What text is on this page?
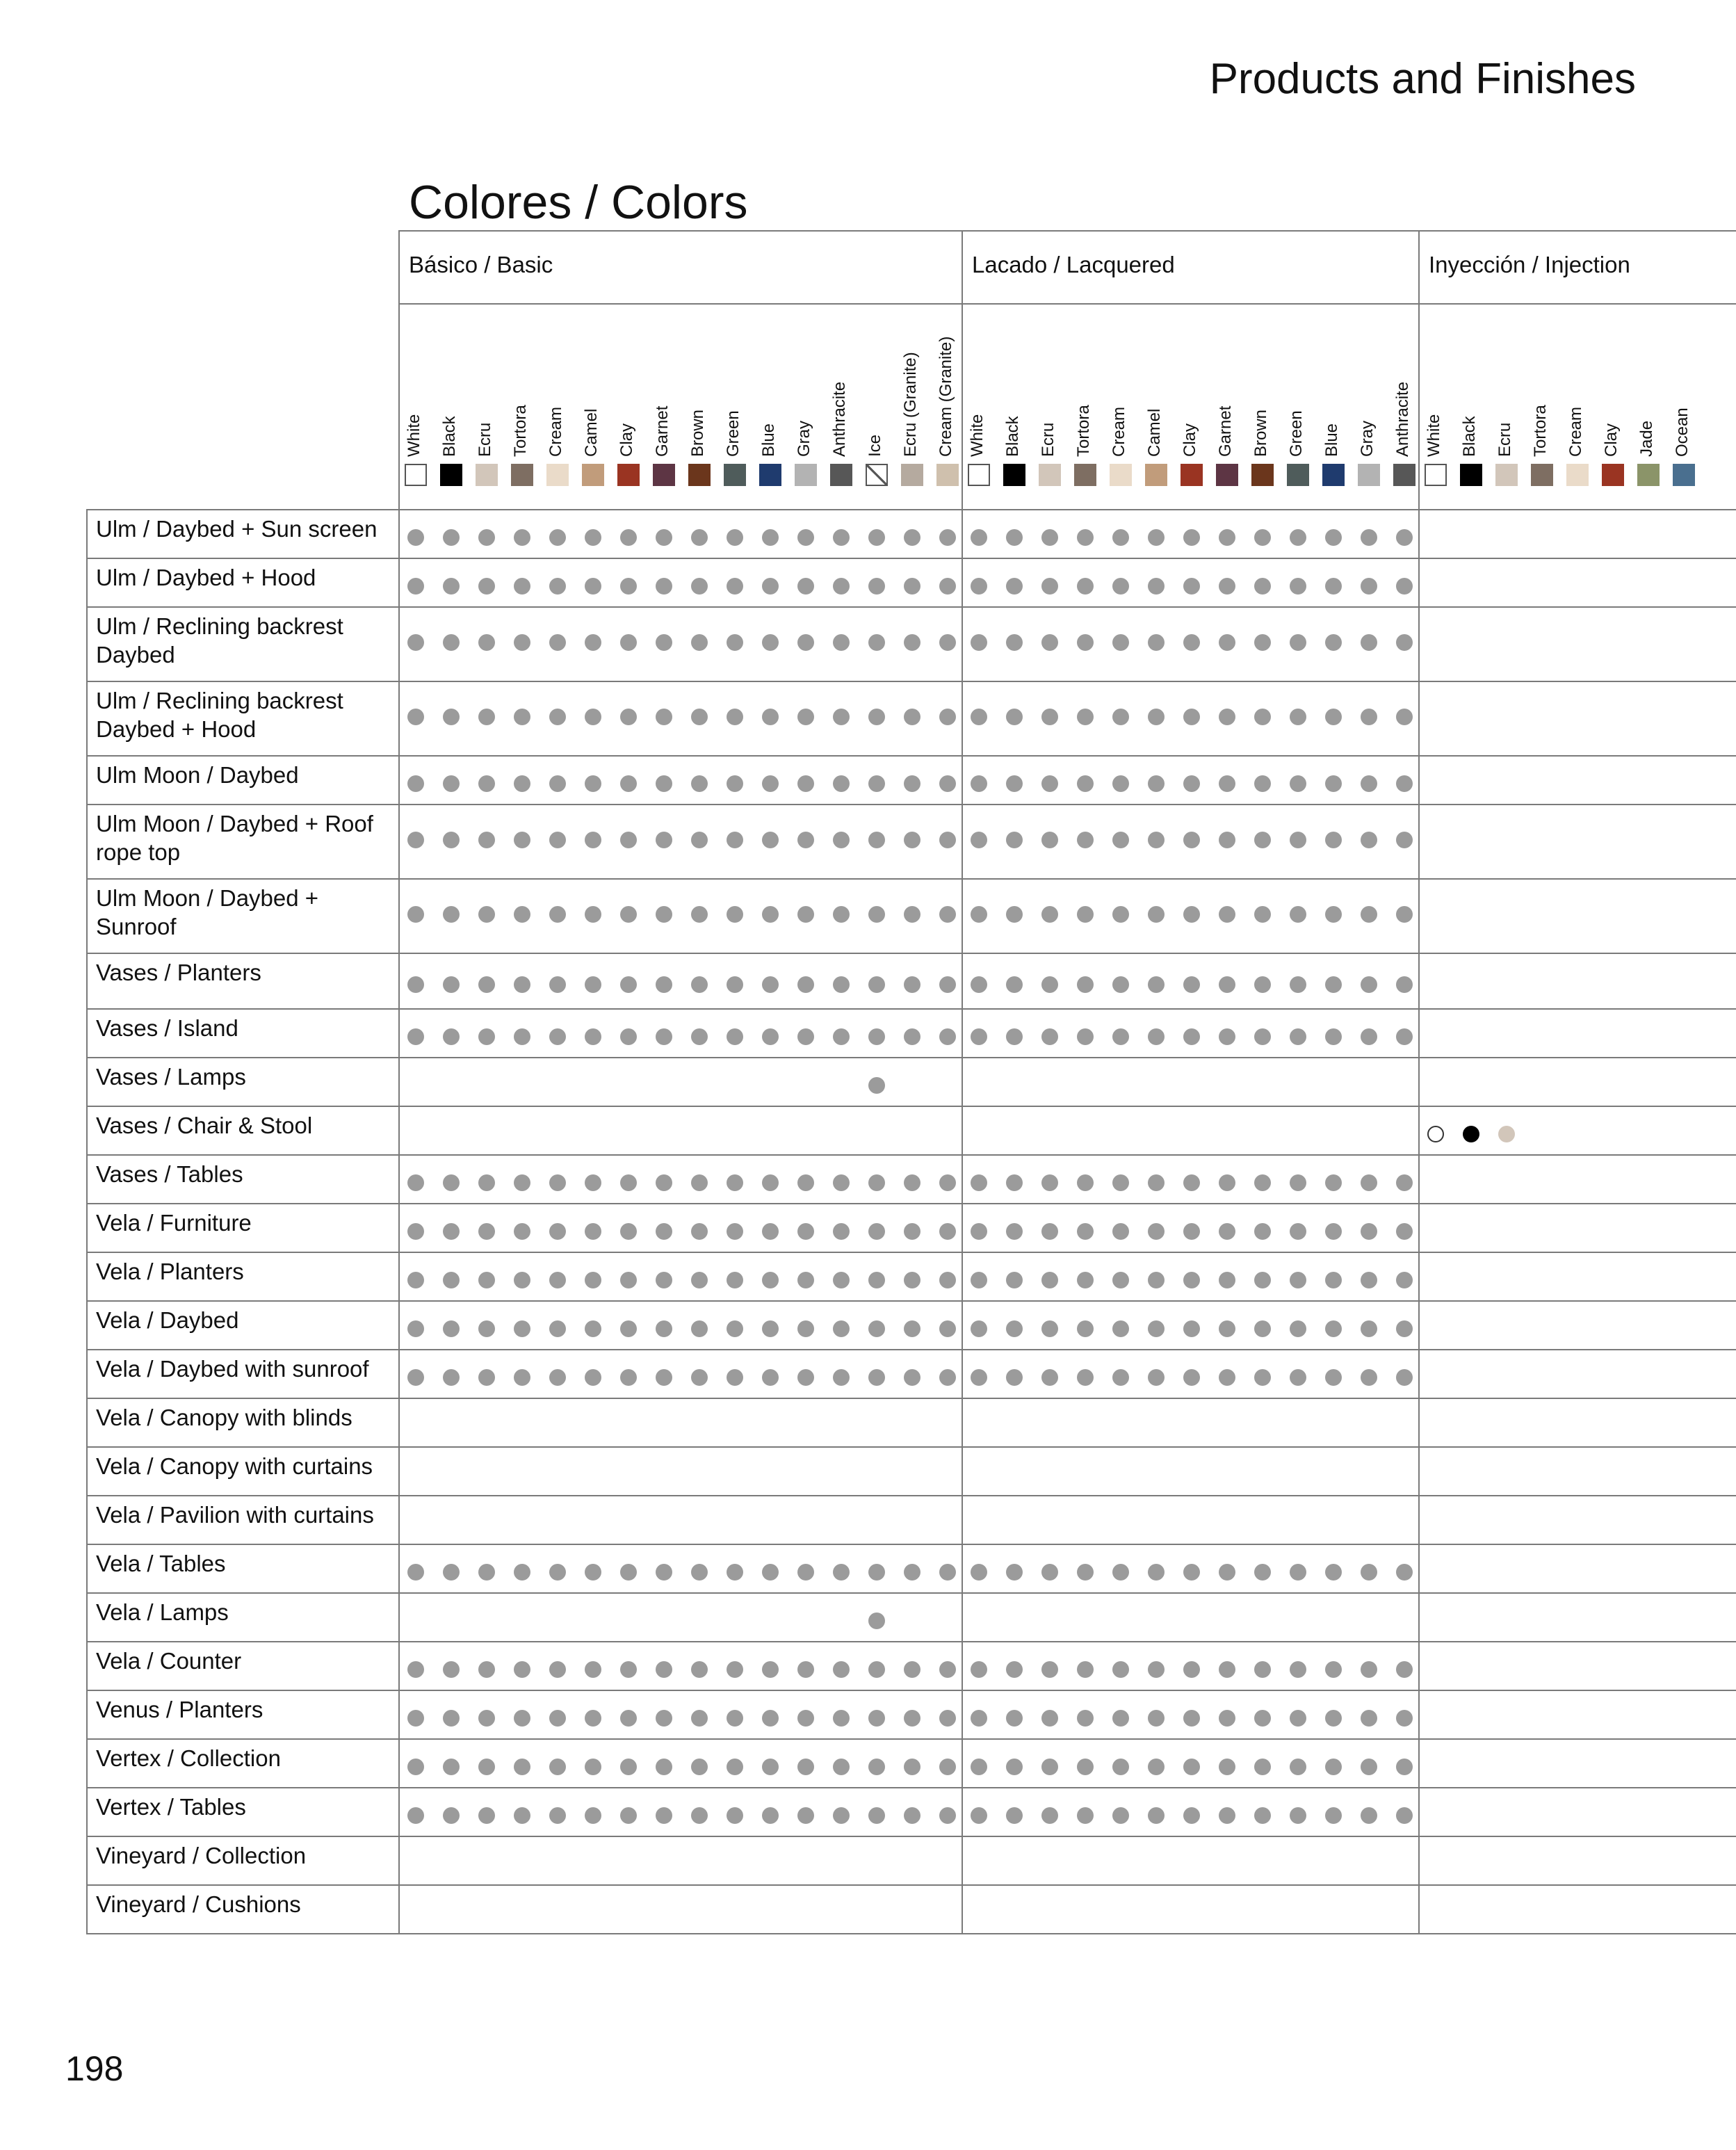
Products and Finishes
Colores / Colors
Básico / Basic
White Black Ecru Tortora Cream Camel Clay Garnet Brown Green Blue Gray Anthracite Ice Ecru (Granite) Cream (Granite)
Lacado / Lacquered
White Black Ecru Tortora Cream Camel Clay Garnet Brown Green Blue Gray Anthracite
Inyección / Injection
White Black Ecru Tortora Cream Clay Jade Ocean
Ulm / Daybed + Sun screen
Ulm / Daybed + Hood
Ulm / Reclining backrest Daybed
Ulm / Reclining backrest Daybed + Hood
Ulm Moon / Daybed
Ulm Moon / Daybed + Roof rope top
Ulm Moon / Daybed + Sunroof
Vases / Planters
Vases / Island
Vases / Lamps
Vases / Chair & Stool
Vases / Tables
Vela / Furniture
Vela / Planters
Vela / Daybed
Vela / Daybed with sunroof
Vela / Canopy with blinds
Vela / Canopy with curtains
Vela / Pavilion with curtains
Vela / Tables
Vela / Lamps
Vela / Counter
Venus / Planters
Vertex / Collection
Vertex / Tables
Vineyard / Collection
Vineyard / Cushions
198
